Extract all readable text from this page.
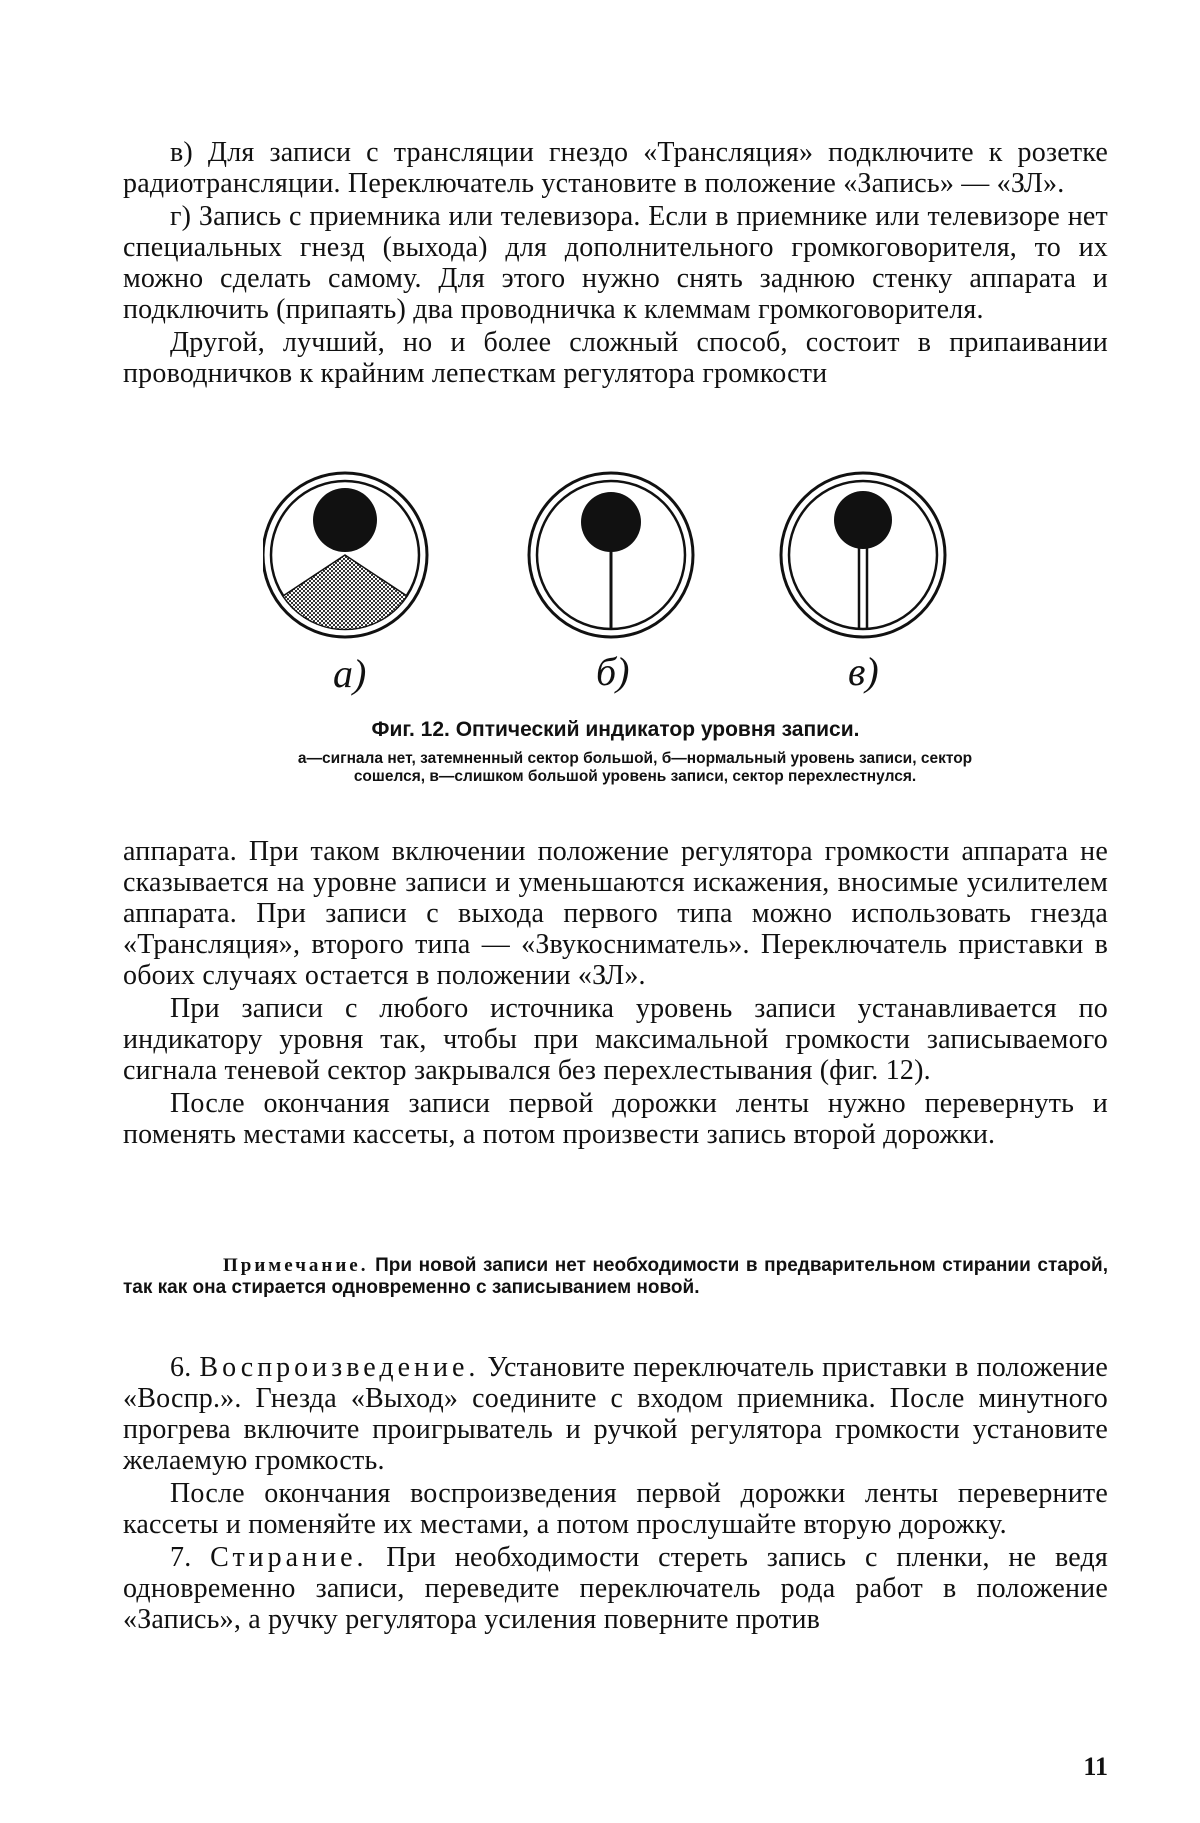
в) Для записи с трансляции гнездо «Трансляция» подключите к розетке радиотрансляции. Переключатель установите в положение «Запись» — «ЗЛ».

г) Запись с приемника или телевизора. Если в приемнике или телевизоре нет специальных гнезд (выхода) для дополнительного громкоговорителя, то их можно сделать самому. Для этого нужно снять заднюю стенку аппарата и подключить (припаять) два проводничка к клеммам громкоговорителя.

Другой, лучший, но и более сложный способ, состоит в припаивании проводничков к крайним лепесткам регулятора громкости

а)	б)	в)
Фиг. 12. Оптический индикатор уровня записи.
а—сигнала нет, затемненный сектор большой, б—нормальный уровень записи, сектор сошелся, в—слишком большой уровень записи, сектор перехлестнулся.

аппарата. При таком включении положение регулятора громкости аппарата не сказывается на уровне записи и уменьшаются искажения, вносимые усилителем аппарата. При записи с выхода первого типа можно использовать гнезда «Трансляция», второго типа — «Звукосниматель». Переключатель приставки в обоих случаях остается в положении «ЗЛ».

При записи с любого источника уровень записи устанавливается по индикатору уровня так, чтобы при максимальной громкости записываемого сигнала теневой сектор закрывался без перехлестывания (фиг. 12).

После окончания записи первой дорожки ленты нужно перевернуть и поменять местами кассеты, а потом произвести запись второй дорожки.

Примечание. При новой записи нет необходимости в предварительном стирании старой, так как она стирается одновременно с записыванием новой.

6. Воспроизведение. Установите переключатель приставки в положение «Воспр.». Гнезда «Выход» соедините с входом приемника. После минутного прогрева включите проигрыватель и ручкой регулятора громкости установите желаемую громкость.

После окончания воспроизведения первой дорожки ленты переверните кассеты и поменяйте их местами, а потом прослушайте вторую дорожку.

7. Стирание. При необходимости стереть запись с пленки, не ведя одновременно записи, переведите переключатель рода работ в положение «Запись», а ручку регулятора усиления поверните против

11
